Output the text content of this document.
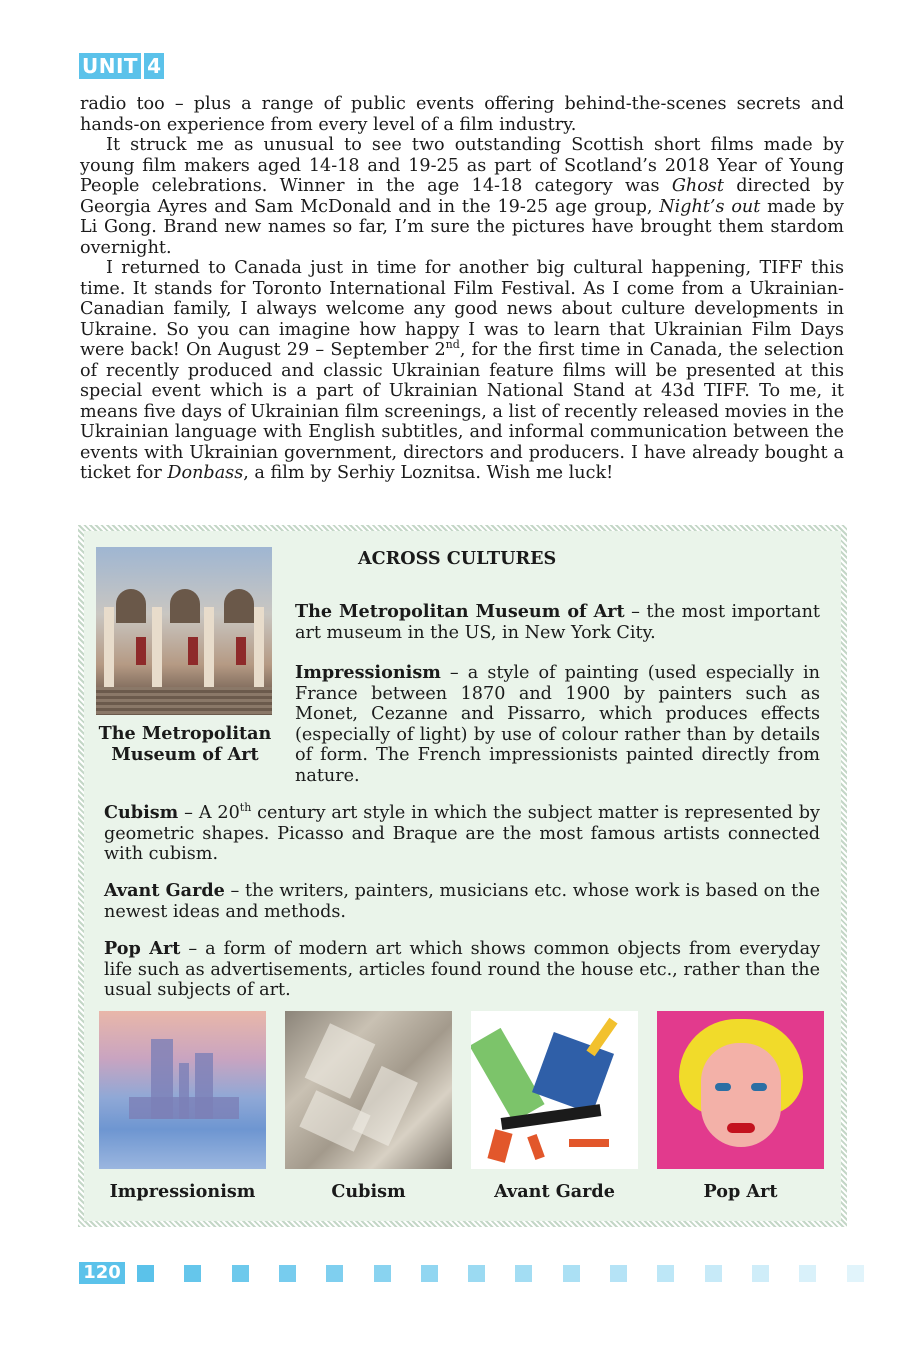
UNIT 4

radio too – plus a range of public events offering behind-the-scenes secrets and hands-on experience from every level of a film industry.

It struck me as unusual to see two outstanding Scottish short films made by young film makers aged 14-18 and 19-25 as part of Scotland’s 2018 Year of Young People celebrations. Winner in the age 14-18 category was Ghost directed by Georgia Ayres and Sam McDonald and in the 19-25 age group, Night’s out made by Li Gong. Brand new names so far, I’m sure the pictures have brought them stardom overnight.

I returned to Canada just in time for another big cultural happening, TIFF this time. It stands for Toronto International Film Festival. As I come from a Ukrainian-Canadian family, I always welcome any good news about culture developments in Ukraine. So you can imagine how happy I was to learn that Ukrainian Film Days were back! On August 29 – September 2nd, for the first time in Canada, the selection of recently produced and classic Ukrainian feature films will be presented at this special event which is a part of Ukrainian National Stand at 43d TIFF. To me, it means five days of Ukrainian film screenings, a list of recently released movies in the Ukrainian language with English subtitles, and informal communication between the events with Ukrainian government, directors and producers. I have already bought a ticket for Donbass, a film by Serhiy Loznitsa. Wish me luck!

The Metropolitan
Museum of Art
ACROSS CULTURES

The Metropolitan Museum of Art – the most important art museum in the US, in New York City.

Impressionism – a style of painting (used especially in France between 1870 and 1900 by painters such as Monet, Cezanne and Pissarro, which produces effects (especially of light) by use of colour rather than by details of form. The French impressionists painted directly from nature.

Cubism – A 20th century art style in which the subject matter is represented by geometric shapes. Picasso and Braque are the most famous artists connected with cubism.

Avant Garde – the writers, painters, musicians etc. whose work is based on the newest ideas and methods.

Pop Art – a form of modern art which shows common objects from everyday life such as advertisements, articles found round the house etc., rather than the usual subjects of art.

Impressionism	Cubism	Avant Garde	Pop Art
120
